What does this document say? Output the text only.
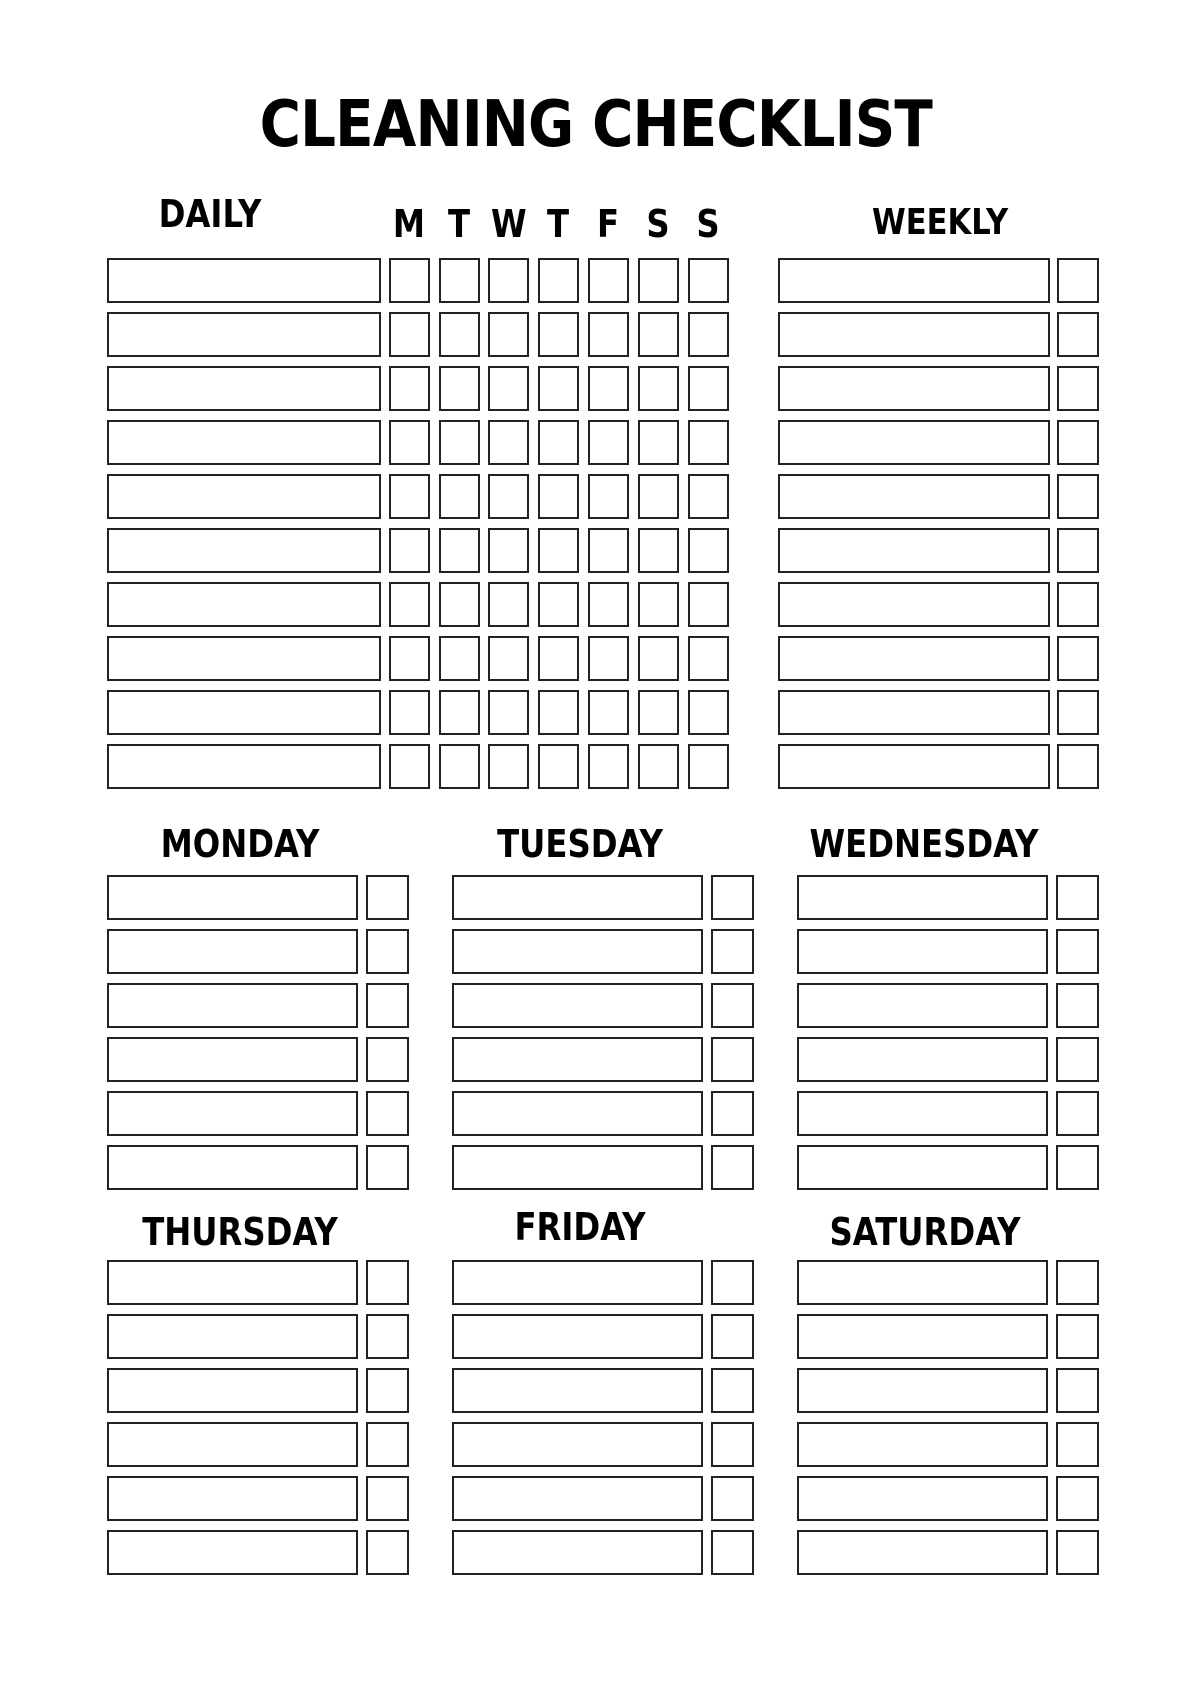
CLEANING CHECKLIST
DAILY	WEEKLY
M T W T F S S
MONDAY	TUESDAY	WEDNESDAY
THURSDAY	FRIDAY	SATURDAY
